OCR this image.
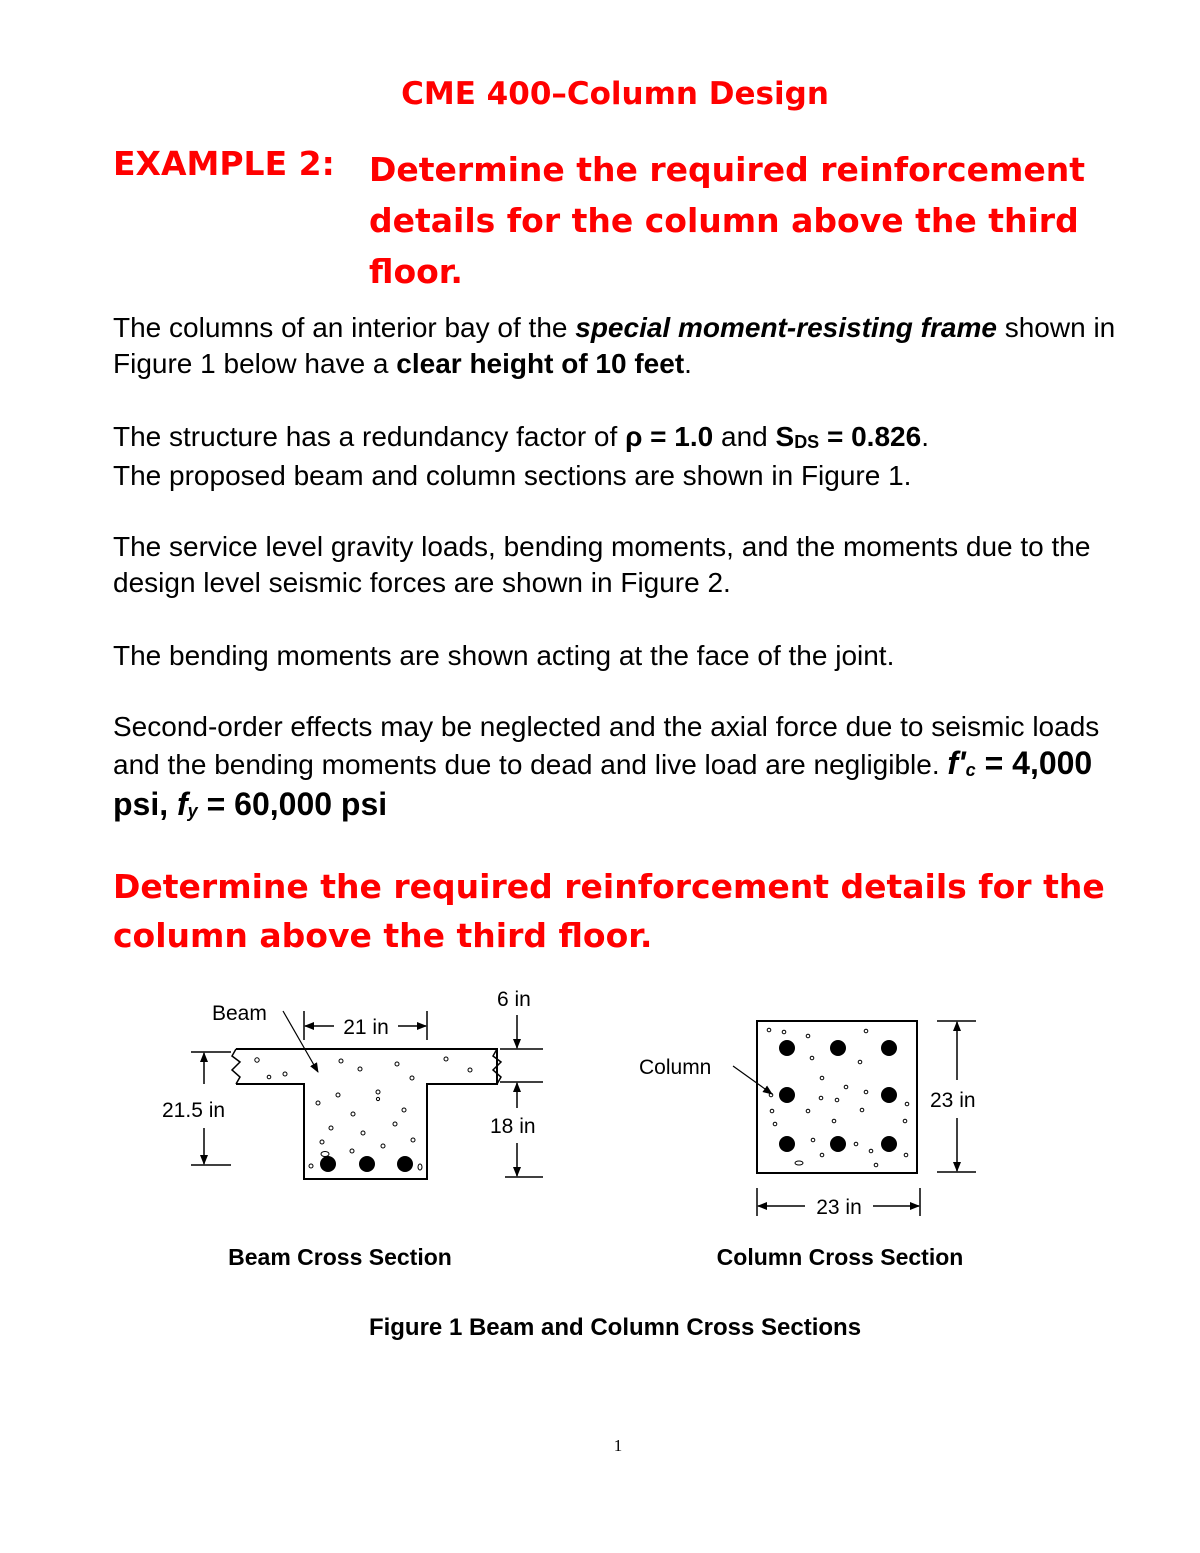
CME 400–Column Design
EXAMPLE 2: Determine the required reinforcement details for the column above the third floor.
The columns of an interior bay of the special moment-resisting frame shown in Figure 1 below have a clear height of 10 feet.
The structure has a redundancy factor of ρ = 1.0 and SDS = 0.826.
The proposed beam and column sections are shown in Figure 1.
The service level gravity loads, bending moments, and the moments due to the design level seismic forces are shown in Figure 2.
The bending moments are shown acting at the face of the joint.
Second-order effects may be neglected and the axial force due to seismic loads and the bending moments due to dead and live load are negligible. f'c = 4,000 psi, fy = 60,000 psi
Determine the required reinforcement details for the column above the third floor.
21 in
Beam
21.5 in
6 in
18 in
Beam Cross Section
Column
23 in
23 in
Column Cross Section
Figure 1 Beam and Column Cross Sections
1
